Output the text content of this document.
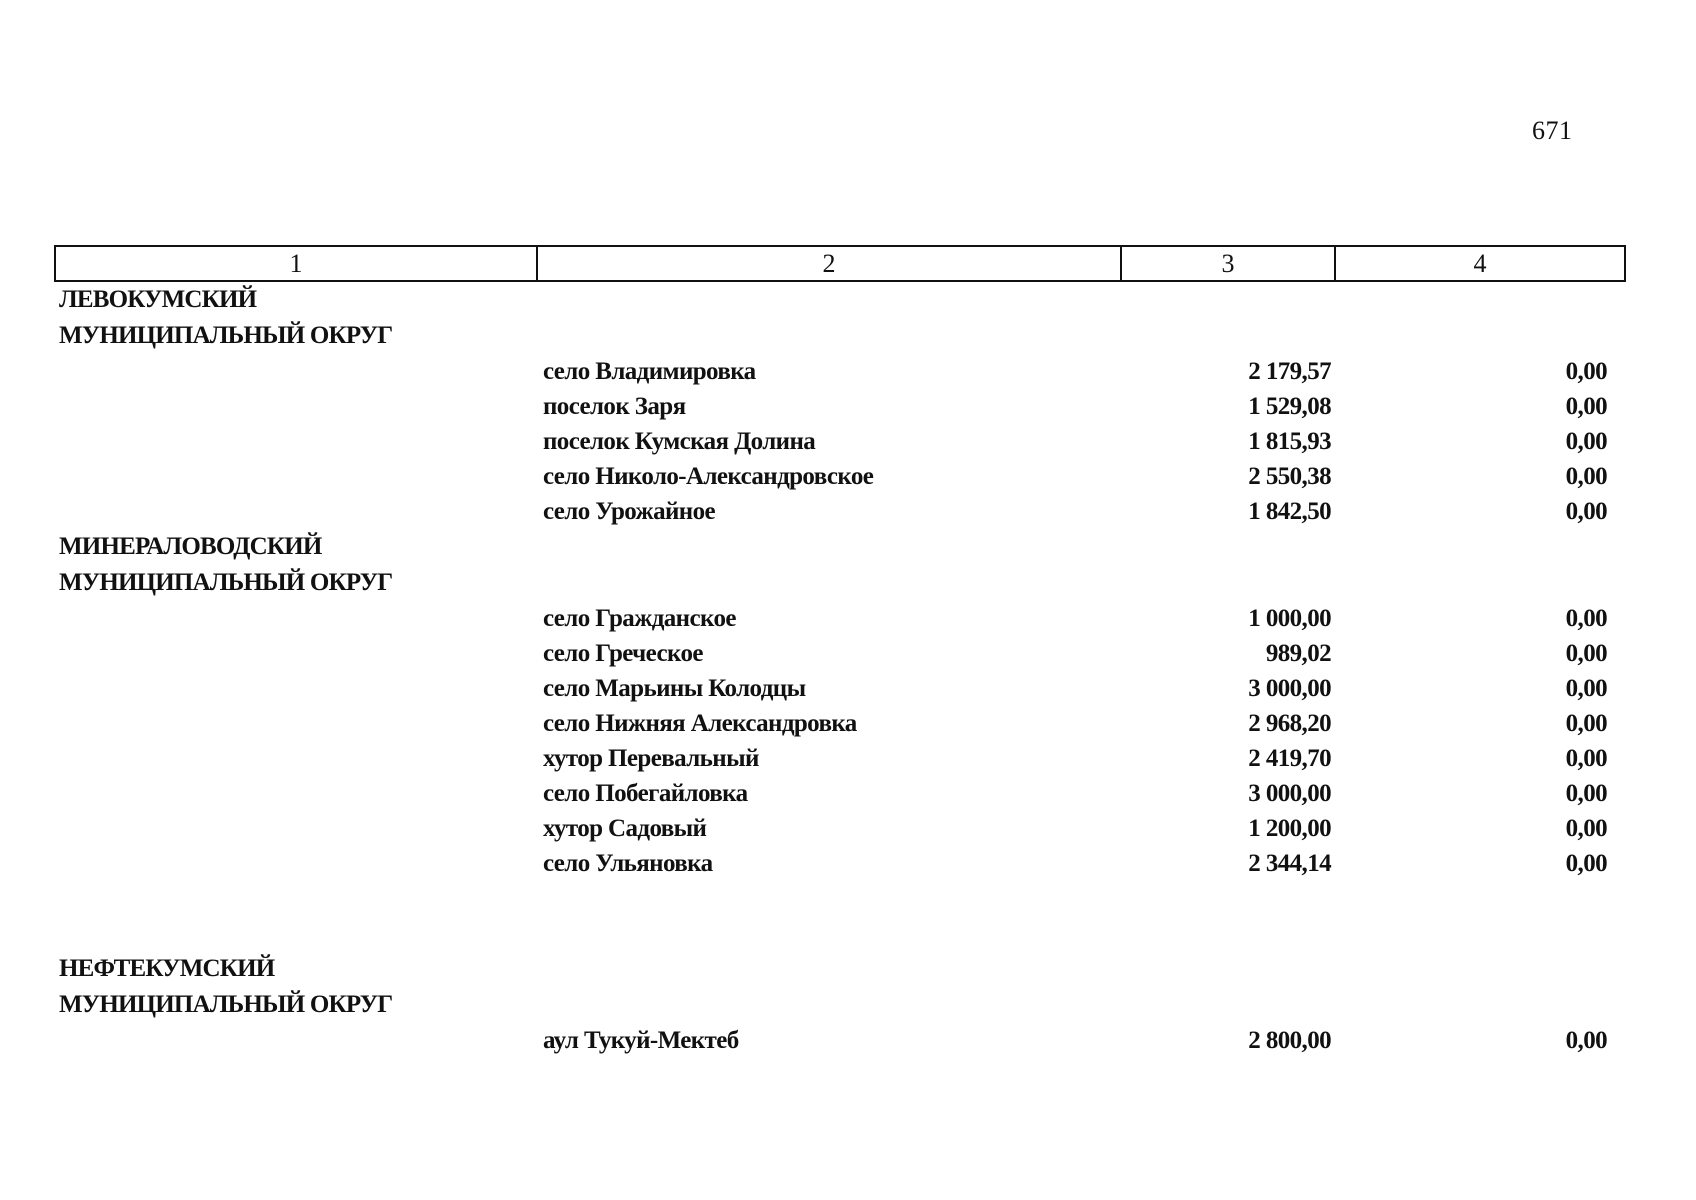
671
1	2	3	4
ЛЕВОКУМСКИЙ			
МУНИЦИПАЛЬНЫЙ ОКРУГ			
	село Владимировка	2 179,57	0,00
	поселок Заря	1 529,08	0,00
	поселок Кумская Долина	1 815,93	0,00
	село Николо-Александровское	2 550,38	0,00
	село Урожайное	1 842,50	0,00
МИНЕРАЛОВОДСКИЙ			
МУНИЦИПАЛЬНЫЙ ОКРУГ			
	село Гражданское	1 000,00	0,00
	село Греческое	989,02	0,00
	село Марьины Колодцы	3 000,00	0,00
	село Нижняя Александровка	2 968,20	0,00
	хутор Перевальный	2 419,70	0,00
	село Побегайловка	3 000,00	0,00
	хутор Садовый	1 200,00	0,00
	село Ульяновка	2 344,14	0,00

НЕФТЕКУМСКИЙ			
МУНИЦИПАЛЬНЫЙ ОКРУГ			
	аул Тукуй-Мектеб	2 800,00	0,00
